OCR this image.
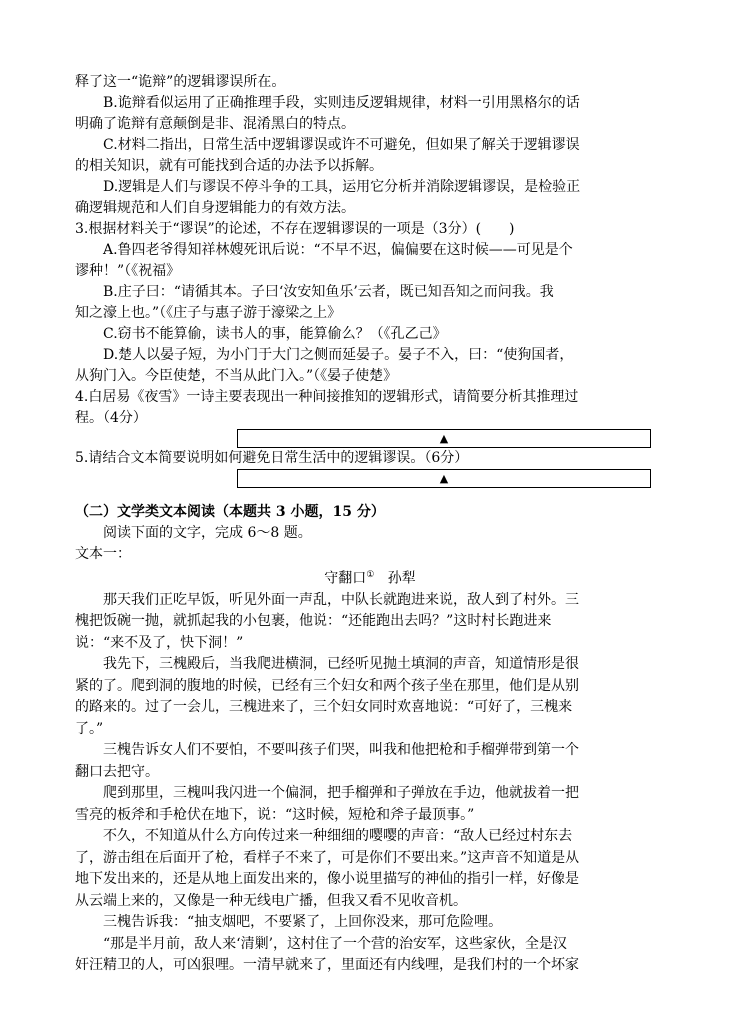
释了这一“诡辩”的逻辑谬误所在。
B.诡辩看似运用了正确推理手段，实则违反逻辑规律，材料一引用黑格尔的话
明确了诡辩有意颠倒是非、混淆黑白的特点。
C.材料二指出，日常生活中逻辑谬误或许不可避免，但如果了解关于逻辑谬误
的相关知识，就有可能找到合适的办法予以拆解。
D.逻辑是人们与谬误不停斗争的工具，运用它分析并消除逻辑谬误，是检验正
确逻辑规范和人们自身逻辑能力的有效方法。
3.根据材料关于“谬误”的论述，不存在逻辑谬误的一项是（3分）(　　)
A.鲁四老爷得知祥林嫂死讯后说：“不早不迟，偏偏要在这时候——可见是个
谬种！”（《祝福》
B.庄子曰：“请循其本。子曰‘汝安知鱼乐’云者，既已知吾知之而问我。我
知之濠上也。”（《庄子与惠子游于濠梁之上》
C.窃书不能算偷，读书人的事，能算偷么？（《孔乙己》
D.楚人以晏子短，为小门于大门之侧而延晏子。晏子不入，曰：“使狗国者，
从狗门入。今臣使楚，不当从此门入。”（《晏子使楚》
4.白居易《夜雪》一诗主要表现出一种间接推知的逻辑形式，请简要分析其推理过
程。（4分）
▲
5.请结合文本简要说明如何避免日常生活中的逻辑谬误。（6分）
▲
（二）文学类文本阅读（本题共 3 小题，15 分）
阅读下面的文字，完成 6～8 题。
文本一：
守翻口① 孙犁
那天我们正吃早饭，听见外面一声乱，中队长就跑进来说，敌人到了村外。三
槐把饭碗一抛，就抓起我的小包裹，他说：“还能跑出去吗？”这时村长跑进来
说：“来不及了，快下洞！”
我先下，三槐殿后，当我爬进横洞，已经听见抛土填洞的声音，知道情形是很
紧的了。爬到洞的腹地的时候，已经有三个妇女和两个孩子坐在那里，他们是从别
的路来的。过了一会儿，三槐进来了，三个妇女同时欢喜地说：“可好了，三槐来
了。”
三槐告诉女人们不要怕，不要叫孩子们哭，叫我和他把枪和手榴弹带到第一个
翻口去把守。
爬到那里，三槐叫我闪进一个偏洞，把手榴弹和子弹放在手边，他就拔着一把
雪亮的板斧和手枪伏在地下，说：“这时候，短枪和斧子最顶事。”
不久，不知道从什么方向传过来一种细细的嘤嘤的声音：“敌人已经过村东去
了，游击组在后面开了枪，看样子不来了，可是你们不要出来。”这声音不知道是从
地下发出来的，还是从地上面发出来的，像小说里描写的神仙的指引一样，好像是
从云端上来的，又像是一种无线电广播，但我又看不见收音机。
三槐告诉我：“抽支烟吧，不要紧了，上回你没来，那可危险哩。
“那是半月前，敌人来‘清剿’，这村住了一个营的治安军，这些家伙，全是汉
奸汪精卫的人，可凶狠哩。一清早就来了，里面还有内线哩，是我们村的一个坏家
